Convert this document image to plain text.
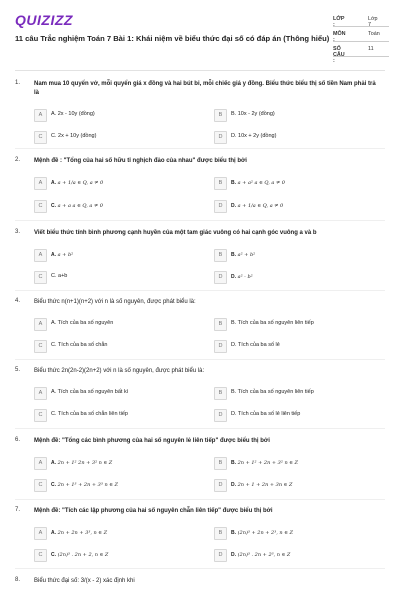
QUIZIZZ
11 câu Trắc nghiệm Toán 7 Bài 1: Khái niệm về biểu thức đại số có đáp án (Thông hiểu)
LỚP :
Lớp 7
MÔN :
Toán
SỐ CÂU :
11
1. Nam mua 10 quyển vở, mỗi quyển giá x đồng và hai bút bi, mỗi chiếc giá y đồng. Biểu thức biểu thị số tiền Nam phải trả là
A	A. 2x - 10y (đồng)	B	B. 10x - 2y (đồng)
C	C. 2x + 10y (đồng)	D	D. 10x + 2y (đồng)
2. Mệnh đề : "Tổng của hai số hữu tỉ nghịch đảo của nhau" được biểu thị bởi
A	A. a + 1/a ∈ Q, a ≠ 0	B	B. a + a² a ∈ Q, a ≠ 0
C	C. a + a a ∈ Q, a ≠ 0	D	D. a + 1/a ∈ Q, a ≠ 0
3. Viết biểu thức tính bình phương cạnh huyền của một tam giác vuông có hai cạnh góc vuông a và b
A	A. a + b²	B	B. a² + b²
C	C. a+b	D	D. a² - b²
4. Biểu thức n(n+1)(n+2) với n là số nguyên, được phát biểu là:
A	A. Tích của ba số nguyên	B	B. Tích của ba số nguyên liên tiếp
C	C. Tích của ba số chẵn	D	D. Tích của ba số lẻ
5. Biểu thức 2n(2n-2)(2n+2) với n là số nguyên, được phát biểu là:
A	A. Tích của ba số nguyên bất kì	B	B. Tích của ba số nguyên liên tiếp
C	C. Tích của ba số chẵn liên tiếp	D	D. Tích của ba số lẻ liên tiếp
6. Mệnh đề: "Tổng các bình phương của hai số nguyên lẻ liên tiếp" được biểu thị bởi
A	A. 2n + 1² 2n + 3² n ∈ Z	B	B. 2n + 1² + 2n + 3² n ∈ Z
C	C. 2n + 1³ + 2n + 3³ n ∈ Z	D	D. 2n + 1 + 2n + 3n ∈ Z
7. Mệnh đề: "Tích các lập phương của hai số nguyên chẵn liên tiếp" được biểu thị bởi
A	A. 2n + 2n + 3³, n ∈ Z	B	B. (2n)³ + 2n + 2³, n ∈ Z
C	C. (2n)³ . 2n + 2, n ∈ Z	D	D. (2n)³ . 2n + 2³, n ∈ Z
8. Biểu thức đại số: 3/(x - 2) xác định khi
